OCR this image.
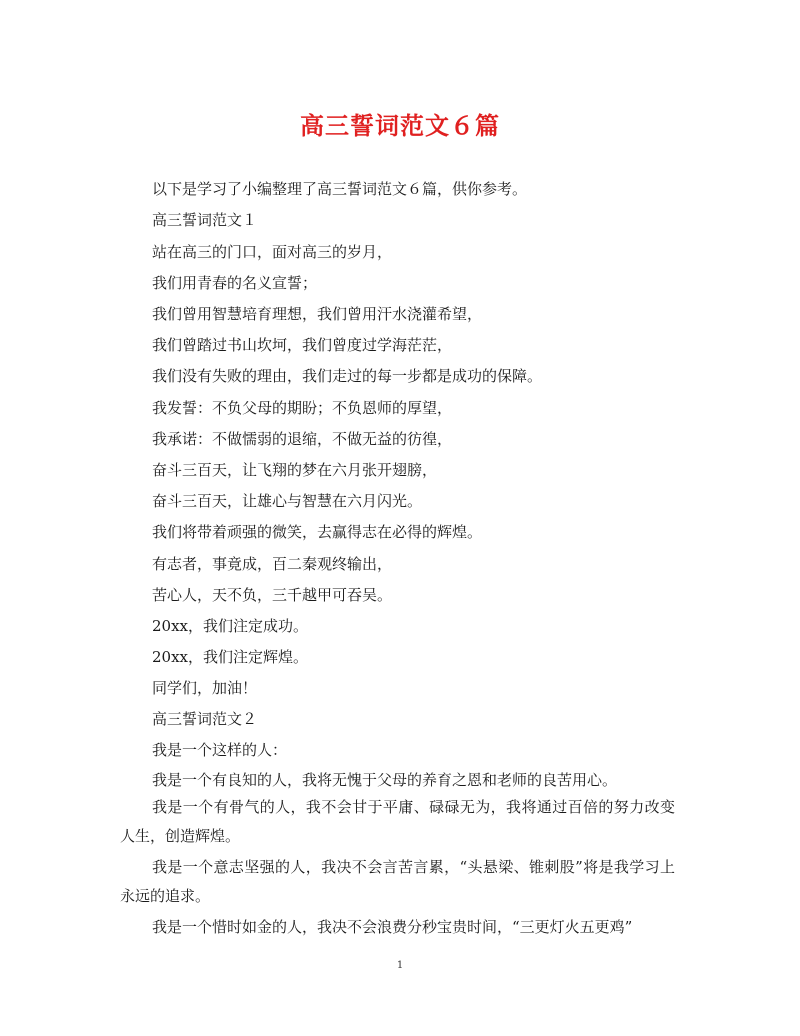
高三誓词范文６篇
以下是学习了小编整理了高三誓词范文６篇，供你参考。
高三誓词范文１
站在高三的门口，面对高三的岁月，
我们用青春的名义宣誓；
我们曾用智慧培育理想，我们曾用汗水浇灌希望，
我们曾踏过书山坎坷，我们曾度过学海茫茫，
我们没有失败的理由，我们走过的每一步都是成功的保障。
我发誓：不负父母的期盼；不负恩师的厚望，
我承诺：不做懦弱的退缩，不做无益的彷徨，
奋斗三百天，让飞翔的梦在六月张开翅膀，
奋斗三百天，让雄心与智慧在六月闪光。
我们将带着顽强的微笑，去赢得志在必得的辉煌。
有志者，事竟成，百二秦观终输出，
苦心人，天不负，三千越甲可吞吴。
20xx，我们注定成功。
20xx，我们注定辉煌。
同学们，加油！
高三誓词范文２
我是一个这样的人：
我是一个有良知的人，我将无愧于父母的养育之恩和老师的良苦用心。
我是一个有骨气的人，我不会甘于平庸、碌碌无为，我将通过百倍的努力改变人生，创造辉煌。
我是一个意志坚强的人，我决不会言苦言累，“头悬梁、锥刺股”将是我学习上永远的追求。
我是一个惜时如金的人，我决不会浪费分秒宝贵时间，“三更灯火五更鸡”
1
